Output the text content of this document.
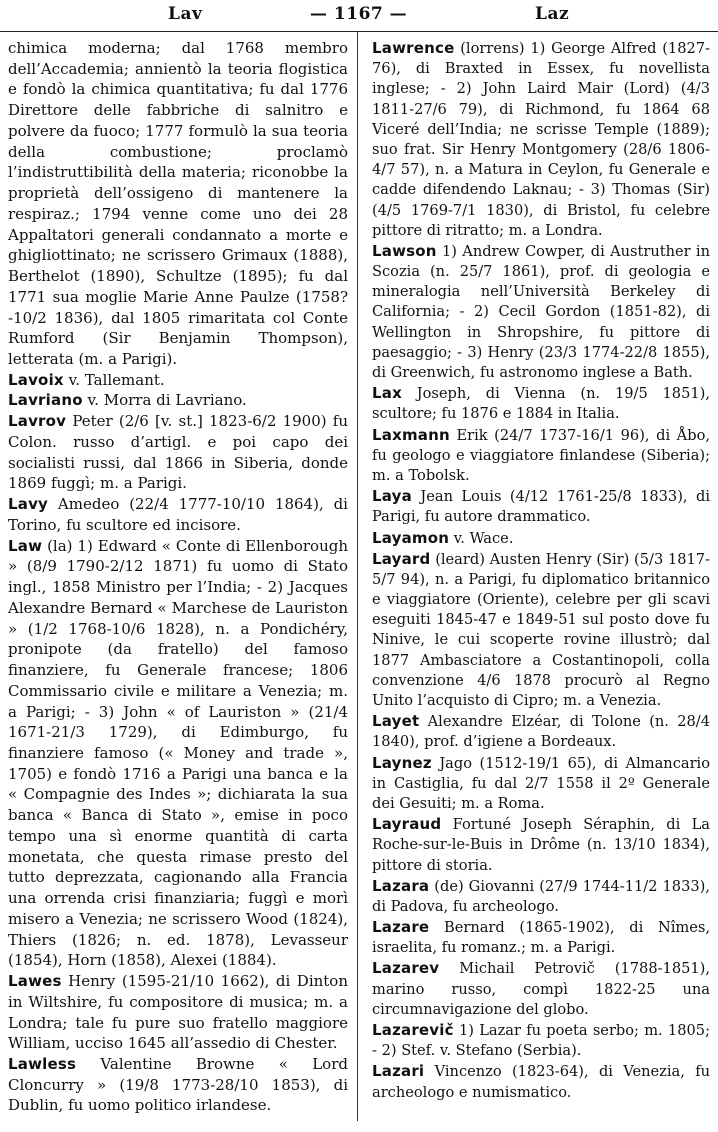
Lav	— 1167 —	Laz

chimica moderna; dal 1768 membro dell’Accademia; annientò la teoria flogistica e fondò la chimica quantitativa; fu dal 1776 Direttore delle fabbriche di salnitro e polvere da fuoco; 1777 formulò la sua teoria della combustione; proclamò l’indistruttibilità della materia; riconobbe la proprietà dell’ossigeno di mantenere la respiraz.; 1794 venne come uno dei 28 Appaltatori generali condannato a morte e ghigliottinato; ne scrissero Grimaux (1888), Berthelot (1890), Schultze (1895); fu dal 1771 sua moglie Marie Anne Paulze (1758?-10/2 1836), dal 1805 rimaritata col Conte Rumford (Sir Benjamin Thompson), letterata (m. a Parigi).

Lavoix v. Tallemant.

Lavriano v. Morra di Lavriano.

Lavrov Peter (2/6 [v. st.] 1823-6/2 1900) fu Colon. russo d’artigl. e poi capo dei socialisti russi, dal 1866 in Siberia, donde 1869 fuggì; m. a Parigi.

Lavy Amedeo (22/4 1777-10/10 1864), di Torino, fu scultore ed incisore.

Law (la) 1) Edward « Conte di Ellenborough » (8/9 1790-2/12 1871) fu uomo di Stato ingl., 1858 Ministro per l’India; - 2) Jacques Alexandre Bernard « Marchese de Lauriston » (1/2 1768-10/6 1828), n. a Pondichéry, pronipote (da fratello) del famoso finanziere, fu Generale francese; 1806 Commissario civile e militare a Venezia; m. a Parigi; - 3) John « of Lauriston » (21/4 1671-21/3 1729), di Edimburgo, fu finanziere famoso (« Money and trade », 1705) e fondò 1716 a Parigi una banca e la « Compagnie des Indes »; dichiarata la sua banca « Banca di Stato », emise in poco tempo una sì enorme quantità di carta monetata, che questa rimase presto del tutto deprezzata, cagionando alla Francia una orrenda crisi finanziaria; fuggì e morì misero a Venezia; ne scrissero Wood (1824), Thiers (1826; n. ed. 1878), Levasseur (1854), Horn (1858), Alexei (1884).

Lawes Henry (1595-21/10 1662), di Dinton in Wiltshire, fu compositore di musica; m. a Londra; tale fu pure suo fratello maggiore William, ucciso 1645 all’assedio di Chester.

Lawless Valentine Browne « Lord Cloncurry » (19/8 1773-28/10 1853), di Dublin, fu uomo politico irlandese.

Lawrence (lorrens) 1) George Alfred (1827-76), di Braxted in Essex, fu novellista inglese; - 2) John Laird Mair (Lord) (4/3 1811-27/6 79), di Richmond, fu 1864 68 Viceré dell’India; ne scrisse Temple (1889); suo frat. Sir Henry Montgomery (28/6 1806-4/7 57), n. a Matura in Ceylon, fu Generale e cadde difendendo Laknau; - 3) Thomas (Sir) (4/5 1769-7/1 1830), di Bristol, fu celebre pittore di ritratto; m. a Londra.

Lawson 1) Andrew Cowper, di Austruther in Scozia (n. 25/7 1861), prof. di geologia e mineralogia nell’Università Berkeley di California; - 2) Cecil Gordon (1851-82), di Wellington in Shropshire, fu pittore di paesaggio; - 3) Henry (23/3 1774-22/8 1855), di Greenwich, fu astronomo inglese a Bath.

Lax Joseph, di Vienna (n. 19/5 1851), scultore; fu 1876 e 1884 in Italia.

Laxmann Erik (24/7 1737-16/1 96), di Åbo, fu geologo e viaggiatore finlandese (Siberia); m. a Tobolsk.

Laya Jean Louis (4/12 1761-25/8 1833), di Parigi, fu autore drammatico.

Layamon v. Wace.

Layard (leard) Austen Henry (Sir) (5/3 1817-5/7 94), n. a Parigi, fu diplomatico britannico e viaggiatore (Oriente), celebre per gli scavi eseguiti 1845-47 e 1849-51 sul posto dove fu Ninive, le cui scoperte rovine illustrò; dal 1877 Ambasciatore a Costantinopoli, colla convenzione 4/6 1878 procurò al Regno Unito l’acquisto di Cipro; m. a Venezia.

Layet Alexandre Elzéar, di Tolone (n. 28/4 1840), prof. d’igiene a Bordeaux.

Laynez Jago (1512-19/1 65), di Almancario in Castiglia, fu dal 2/7 1558 il 2º Generale dei Gesuiti; m. a Roma.

Layraud Fortuné Joseph Séraphin, di La Roche-sur-le-Buis in Drôme (n. 13/10 1834), pittore di storia.

Lazara (de) Giovanni (27/9 1744-11/2 1833), di Padova, fu archeologo.

Lazare Bernard (1865-1902), di Nîmes, israelita, fu romanz.; m. a Parigi.

Lazarev Michail Petrovič (1788-1851), marino russo, compì 1822-25 una circumnavigazione del globo.

Lazarevič 1) Lazar fu poeta serbo; m. 1805; - 2) Stef. v. Stefano (Serbia).

Lazari Vincenzo (1823-64), di Venezia, fu archeologo e numismatico.
